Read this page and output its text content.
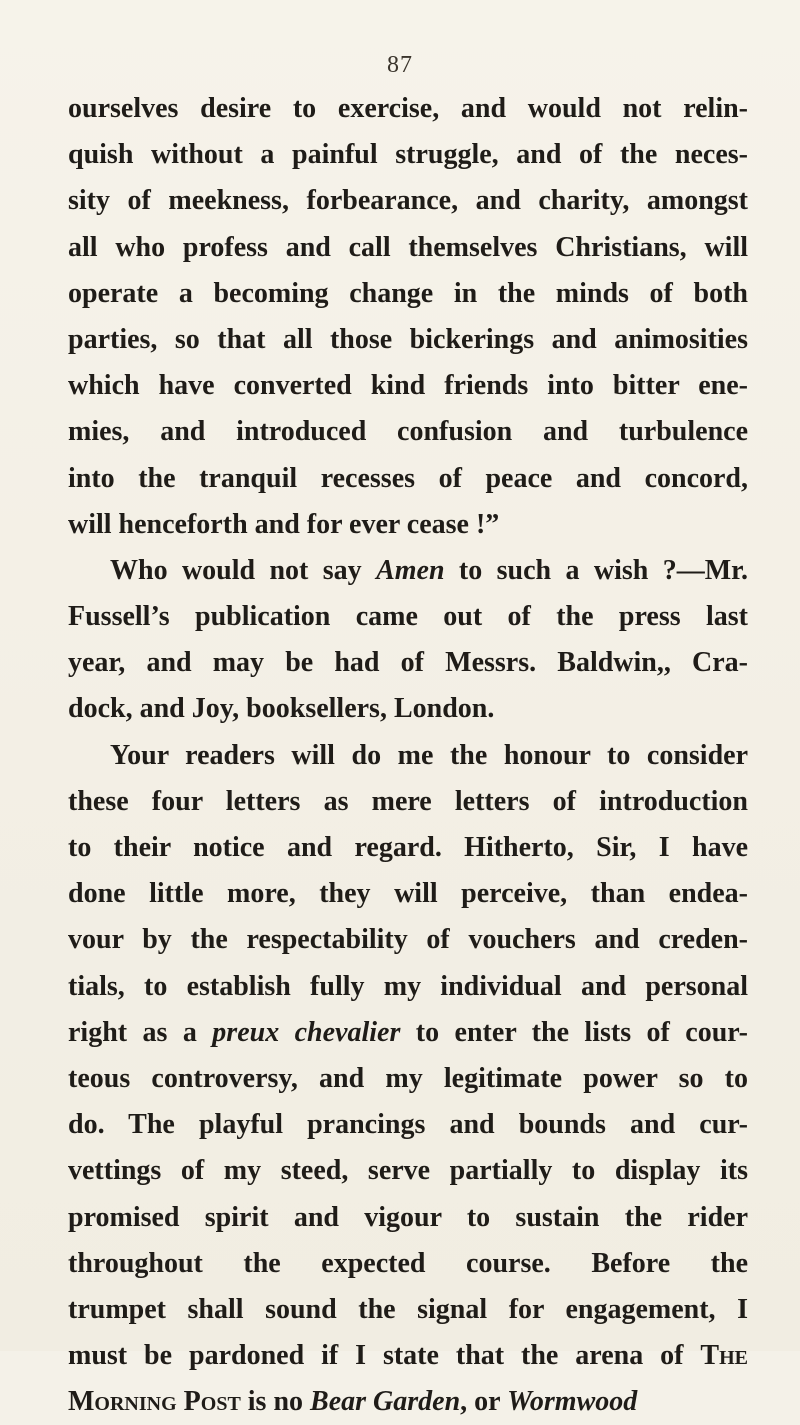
87
ourselves desire to exercise, and would not relin-
quish without a painful struggle, and of the neces-
sity of meekness, forbearance, and charity, amongst
all who profess and call themselves Christians, will
operate a becoming change in the minds of both
parties, so that all those bickerings and animosities
which have converted kind friends into bitter ene-
mies, and introduced confusion and turbulence
into the tranquil recesses of peace and concord,
will henceforth and for ever cease !”
Who would not say Amen to such a wish ?—Mr.
Fussell’s publication came out of the press last
year, and may be had of Messrs. Baldwin,, Cra-
dock, and Joy, booksellers, London.
Your readers will do me the honour to consider
these four letters as mere letters of introduction
to their notice and regard. Hitherto, Sir, I have
done little more, they will perceive, than endea-
vour by the respectability of vouchers and creden-
tials, to establish fully my individual and personal
right as a preux chevalier to enter the lists of cour-
teous controversy, and my legitimate power so to
do. The playful prancings and bounds and cur-
vettings of my steed, serve partially to display its
promised spirit and vigour to sustain the rider
throughout the expected course. Before the
trumpet shall sound the signal for engagement, I
must be pardoned if I state that the arena of The
Morning Post is no Bear Garden, or Wormwood
